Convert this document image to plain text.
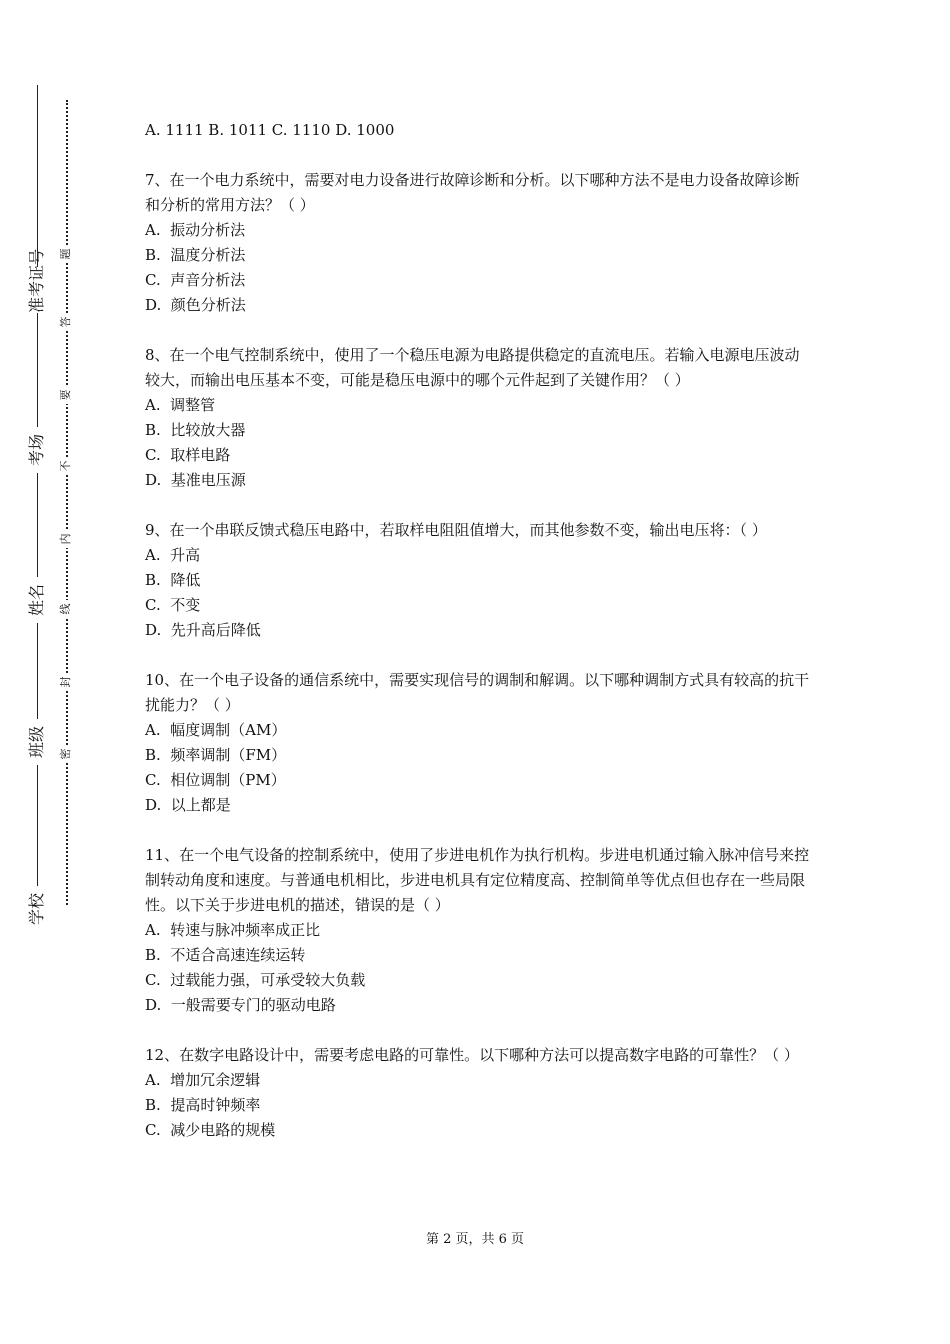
准考证号
考场
姓名
班级
学校
题
答
要
不
内
线
封
密

A. 1111 B. 1011 C. 1110 D. 1000

7、在一个电力系统中，需要对电力设备进行故障诊断和分析。以下哪种方法不是电力设备故障诊断和分析的常用方法？（ ）

A.  振动分析法

B.  温度分析法

C.  声音分析法

D.  颜色分析法

8、在一个电气控制系统中，使用了一个稳压电源为电路提供稳定的直流电压。若输入电源电压波动较大，而输出电压基本不变，可能是稳压电源中的哪个元件起到了关键作用？（ ）

A.  调整管

B.  比较放大器

C.  取样电路

D.  基准电压源

9、在一个串联反馈式稳压电路中，若取样电阻阻值增大，而其他参数不变，输出电压将：（ ）

A.  升高

B.  降低

C.  不变

D.  先升高后降低

10、在一个电子设备的通信系统中，需要实现信号的调制和解调。以下哪种调制方式具有较高的抗干扰能力？（ ）

A.  幅度调制（AM）

B.  频率调制（FM）

C.  相位调制（PM）

D.  以上都是

11、在一个电气设备的控制系统中，使用了步进电机作为执行机构。步进电机通过输入脉冲信号来控制转动角度和速度。与普通电机相比，步进电机具有定位精度高、控制简单等优点但也存在一些局限性。以下关于步进电机的描述，错误的是（ ）

A.  转速与脉冲频率成正比

B.  不适合高速连续运转

C.  过载能力强，可承受较大负载

D.  一般需要专门的驱动电路

12、在数字电路设计中，需要考虑电路的可靠性。以下哪种方法可以提高数字电路的可靠性？（ ）

A.  增加冗余逻辑

B.  提高时钟频率

C.  减少电路的规模

第 2 页，共 6 页
